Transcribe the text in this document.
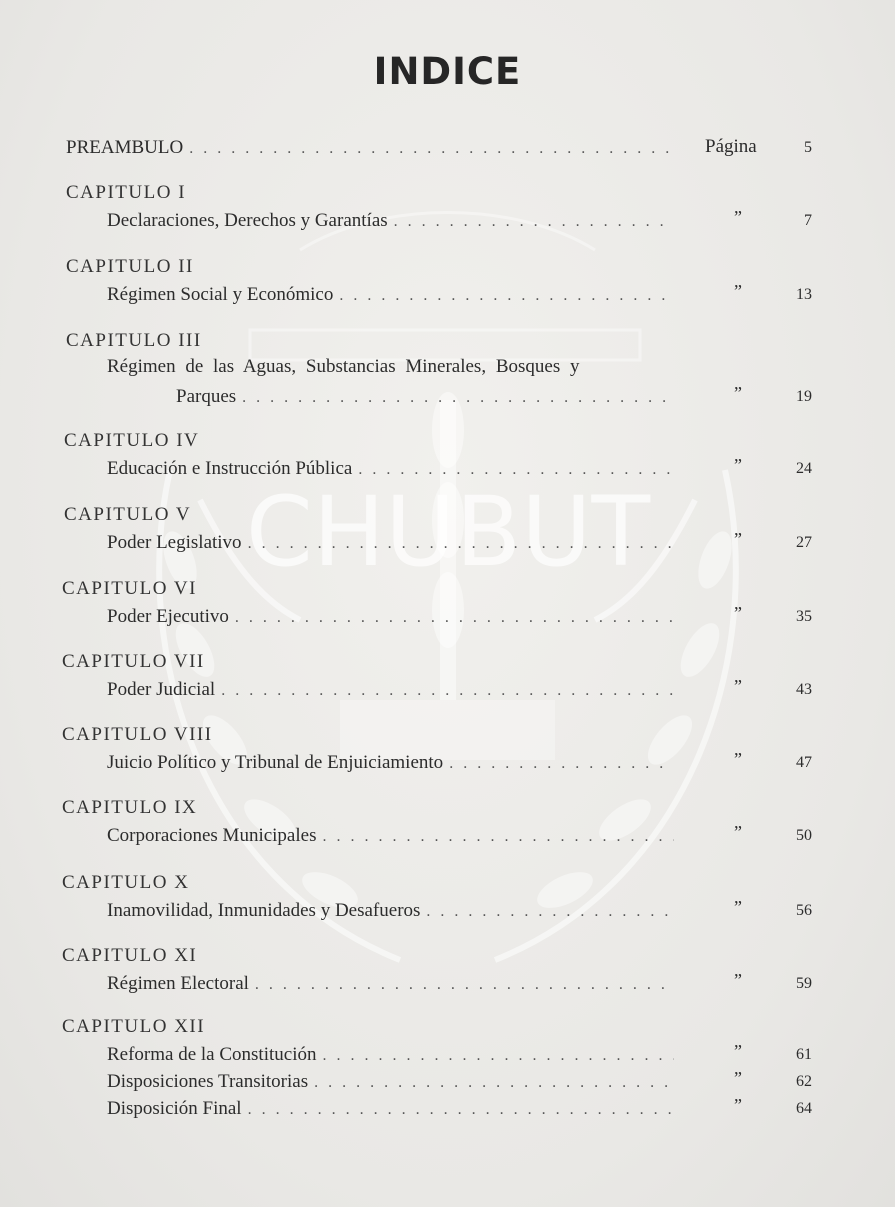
CHUBUT
INDICE
PREAMBULO . . .	Página	5
CAPITULO I
Declaraciones, Derechos y Garantías . . .	”	7
CAPITULO II
Régimen Social y Económico . . .	”	13
CAPITULO III
Régimen de las Aguas, Substancias Minerales, Bosques y
Parques . . .	”	19
CAPITULO IV
Educación e Instrucción Pública . . .	”	24
CAPITULO V
Poder Legislativo . . .	”	27
CAPITULO VI
Poder Ejecutivo . . .	”	35
CAPITULO VII
Poder Judicial . . .	”	43
CAPITULO VIII
Juicio Político y Tribunal de Enjuiciamiento . . .	”	47
CAPITULO IX
Corporaciones Municipales . . .	”	50
CAPITULO X
Inamovilidad, Inmunidades y Desafueros . . .	”	56
CAPITULO XI
Régimen Electoral . . .	”	59
CAPITULO XII
Reforma de la Constitución . . .	”	61
Disposiciones Transitorias . . .	”	62
Disposición Final . . .	”	64
